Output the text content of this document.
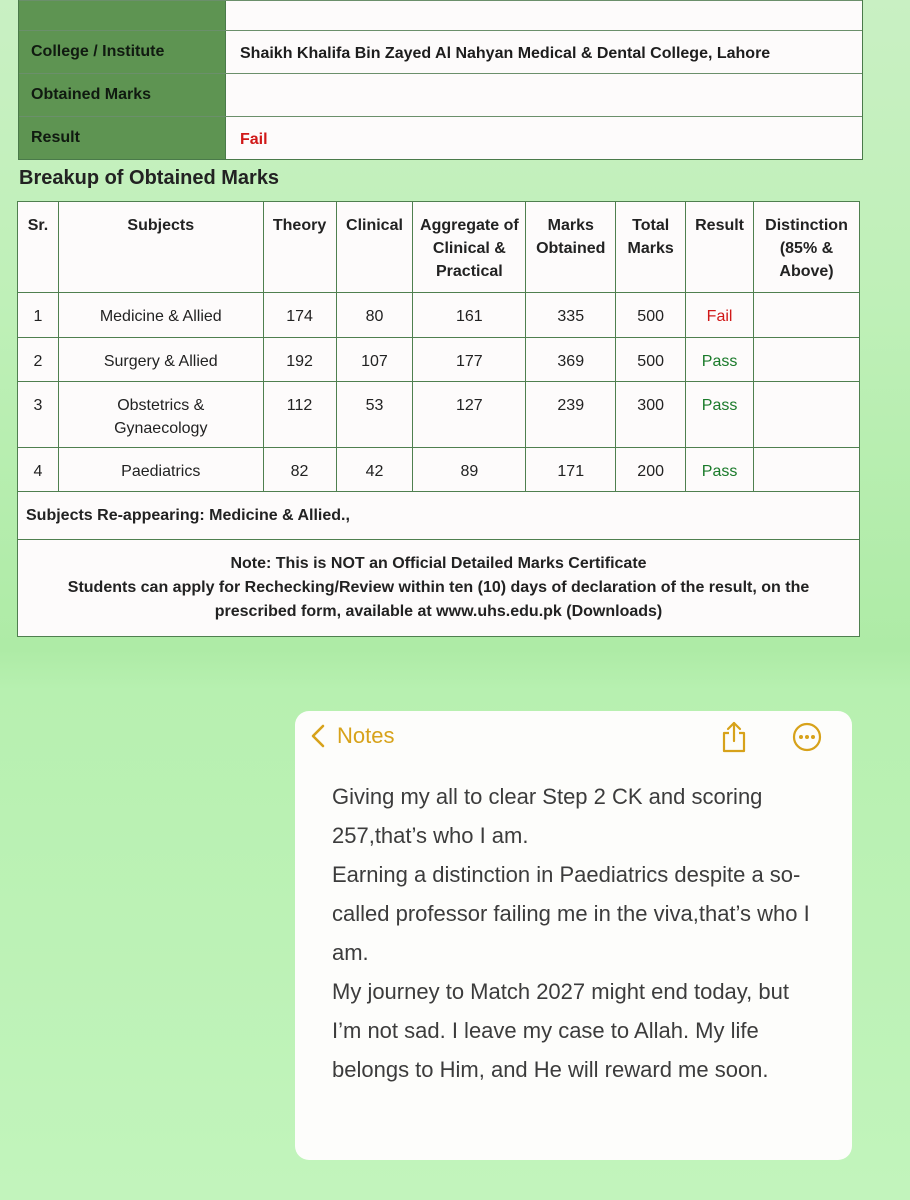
College / Institute	Shaikh Khalifa Bin Zayed Al Nahyan Medical & Dental College, Lahore
Obtained Marks
Result	Fail
Breakup of Obtained Marks
Sr.	Subjects	Theory	Clinical	Aggregate of Clinical & Practical	Marks Obtained	Total Marks	Result	Distinction (85% & Above)
1	Medicine & Allied	174	80	161	335	500	Fail	
2	Surgery & Allied	192	107	177	369	500	Pass	
3	Obstetrics & Gynaecology	112	53	127	239	300	Pass	
4	Paediatrics	82	42	89	171	200	Pass	
Subjects Re-appearing: Medicine & Allied.,								

Note: This is NOT an Official Detailed Marks Certificate
Students can apply for Rechecking/Review within ten (10) days of declaration of the result, on the prescribed form, available at www.uhs.edu.pk (Downloads)								
Notes

Giving my all to clear Step 2 CK and scoring 257,that’s who I am.

Earning a distinction in Paediatrics despite a so-called professor failing me in the viva,that’s who I am.

My journey to Match 2027 might end today, but I’m not sad. I leave my case to Allah. My life belongs to Him, and He will reward me soon.
